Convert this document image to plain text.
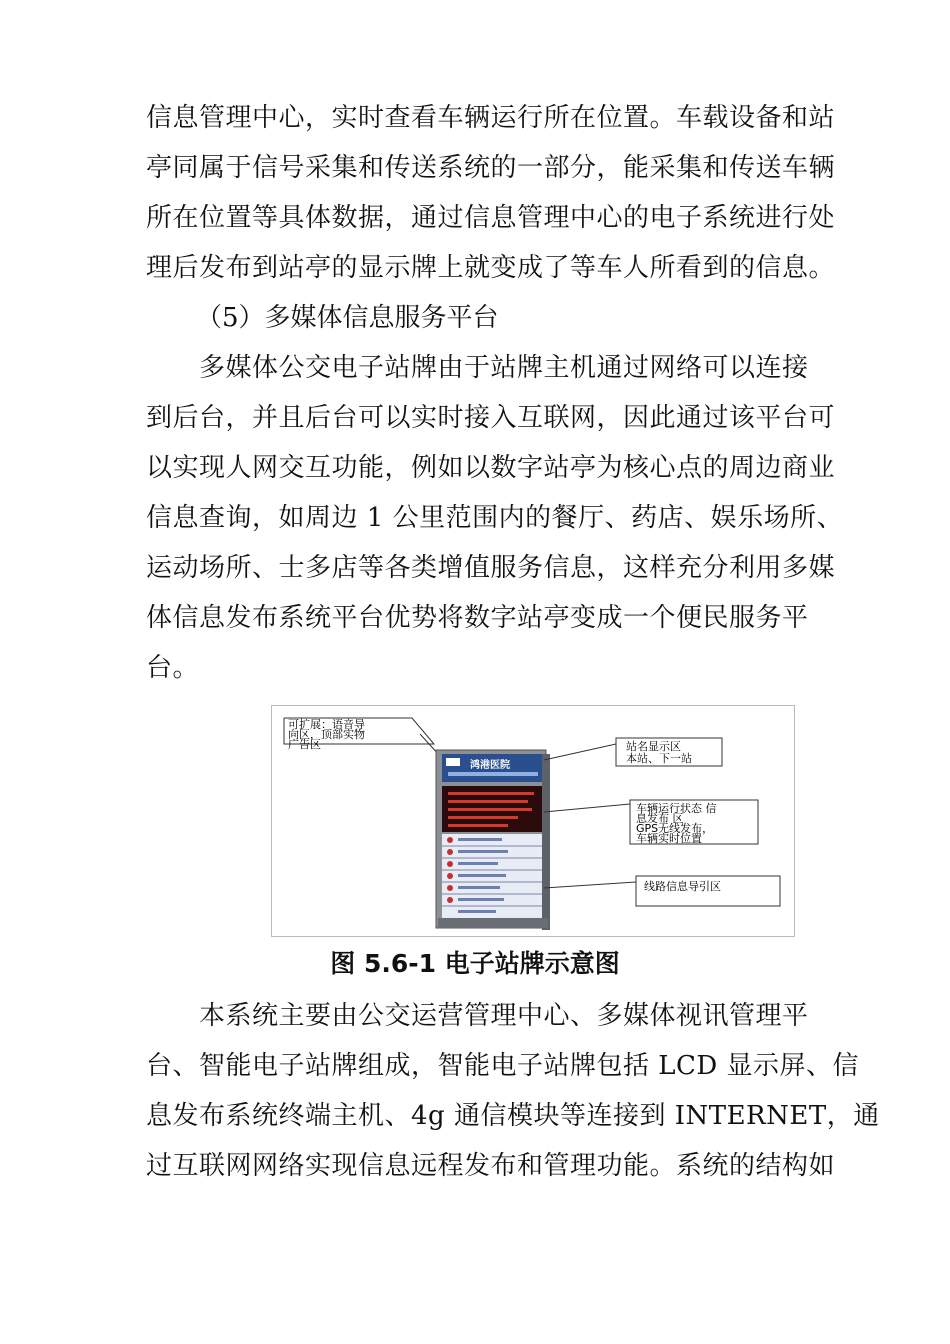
信息管理中心，实时查看车辆运行所在位置。车载设备和站
亭同属于信号采集和传送系统的一部分，能采集和传送车辆
所在位置等具体数据，通过信息管理中心的电子系统进行处
理后发布到站亭的显示牌上就变成了等车人所看到的信息。

（5）多媒体信息服务平台

　　多媒体公交电子站牌由于站牌主机通过网络可以连接
到后台，并且后台可以实时接入互联网，因此通过该平台可
以实现人网交互功能，例如以数字站亭为核心点的周边商业
信息查询，如周边 1 公里范围内的餐厅、药店、娱乐场所、
运动场所、士多店等各类增值服务信息，这样充分利用多媒
体信息发布系统平台优势将数字站亭变成一个便民服务平
台。
可扩展：语音导
向区，顶部实物
广告区
鸿港医院
站名显示区
本站、下一站
车辆运行状态 信
息发布 区
GPS无线发布，
车辆实时位置
线路信息导引区

图 5.6-1 电子站牌示意图

　　本系统主要由公交运营管理中心、多媒体视讯管理平
台、智能电子站牌组成，智能电子站牌包括 LCD 显示屏、信
息发布系统终端主机、4g 通信模块等连接到 INTERNET，通
过互联网网络实现信息远程发布和管理功能。系统的结构如
